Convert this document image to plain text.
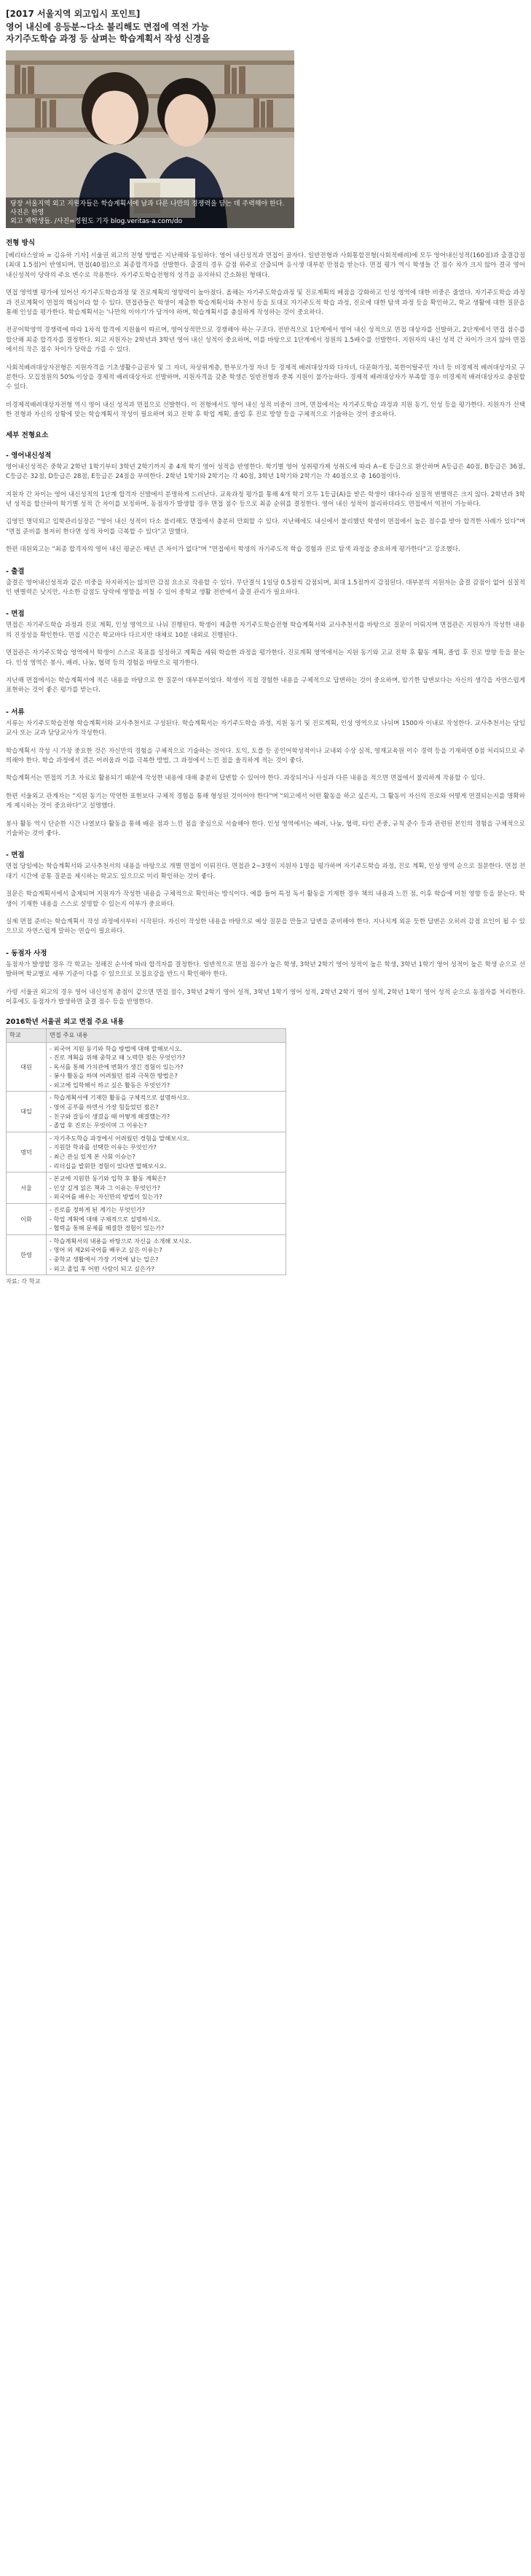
[2017 서울지역 외고입시 포인트]
영어 내신에 응등분~다소 불리해도 면접에 역전 가능
자기주도학습 과정 등 살펴는 학습계획서 작성 신경을
당장 서울지역 외고 지원자들은 학습계획서에 남과 다른 나만의 경쟁력을 담는 데 주력해야 한다. 사진은 한영
외고 재학생들. /사진=정원도 기자 blog.veritas-a.com/do
전형 방식

[베리타스알파 = 김유하 기자] 서울권 외고의 전형 방법은 지난해와 동일하다. 영어 내신성적과 면접이 골자다. 일반전형과 사회통합전형(사회적배려)에 모두 영어내신성적(160점)과 출결감점(최대 1.5점)이 반영되며, 면접(40점)으로 최종합격자를 선발한다. 출결의 경우 감점 위주로 산출되며 응시생 대부분 만점을 받는다. 면접 평가 역시 학생들 간 점수 차가 크지 않아 결국 영어 내신성적이 당락의 주요 변수로 작용한다. 자기주도학습전형의 성격을 유지하되 간소화된 형태다.

면접 영역별 평가에 있어선 자기주도학습과정 및 진로계획의 영향력이 높아졌다. 올해는 자기주도학습과정 및 진로계획의 배점을 강화하고 인성 영역에 대한 비중은 줄였다. 자기주도학습 과정과 진로계획이 면접의 핵심이라 할 수 있다. 면접관들은 학생이 제출한 학습계획서와 추천서 등을 토대로 자기주도적 학습 과정, 진로에 대한 탐색 과정 등을 확인하고, 학교 생활에 대한 질문을 통해 인성을 평가한다. 학습계획서는 '나만의 이야기'가 담겨야 하며, 학습계획서를 충실하게 작성하는 것이 중요하다.

전공어학영역 경쟁력에 따라 1차적 합격에 지원율이 따르며, 영어성적만으로 경쟁해야 하는 구조다. 전반적으로 1단계에서 영어 내신 성적으로 면접 대상자를 선발하고, 2단계에서 면접 점수를 합산해 최종 합격자를 결정한다. 외고 지원자는 2학년과 3학년 영어 내신 성적이 중요하며, 이를 바탕으로 1단계에서 정원의 1.5배수를 선발한다. 지원자의 내신 성적 간 차이가 크지 않아 면접에서의 작은 점수 차이가 당락을 가를 수 있다.

사회적배려대상자전형은 지원자격을 기초생활수급권자 및 그 자녀, 차상위계층, 한부모가정 자녀 등 경제적 배려대상자와 다자녀, 다문화가정, 북한이탈주민 자녀 등 비경제적 배려대상자로 구분한다. 모집정원의 50% 이상을 경제적 배려대상자로 선발하며, 지원자격을 갖춘 학생은 일반전형과 중복 지원이 불가능하다. 경제적 배려대상자가 부족할 경우 비경제적 배려대상자로 충원할 수 있다.

비경제적배려대상자전형 역시 영어 내신 성적과 면접으로 선발한다. 이 전형에서도 영어 내신 성적 비중이 크며, 면접에서는 자기주도학습 과정과 지원 동기, 인성 등을 평가한다. 지원자가 선택한 전형과 자신의 상황에 맞는 학습계획서 작성이 필요하며 외고 진학 후 학업 계획, 졸업 후 진로 방향 등을 구체적으로 기술하는 것이 중요하다.

세부 전형요소
- 영어내신성적

영어내신성적은 중학교 2학년 1학기부터 3학년 2학기까지 총 4개 학기 영어 성적을 반영한다. 학기별 영어 성취평가제 성취도에 따라 A~E 등급으로 환산하며 A등급은 40점, B등급은 36점, C등급은 32점, D등급은 28점, E등급은 24점을 부여한다. 2학년 1학기와 2학기는 각 40점, 3학년 1학기와 2학기는 각 40점으로 총 160점이다.

지원자 간 차이는 영어 내신성적의 1단계 합격자 선발에서 분명하게 드러난다. 교육과정 평가를 통해 4개 학기 모두 1등급(A)을 받은 학생이 대다수라 실질적 변별력은 크지 않다. 2학년과 3학년 성적을 합산하여 학기별 성적 간 차이를 보정하며, 동점자가 발생할 경우 면접 점수 등으로 최종 순위를 결정한다. 영어 내신 성적이 불리하더라도 면접에서 역전이 가능하다.

김영민 명덕외고 입학관리실장은 "영어 내신 성적이 다소 불리해도 면접에서 충분히 만회할 수 있다. 지난해에도 내신에서 불리했던 학생이 면접에서 높은 점수를 받아 합격한 사례가 있다"며 "면접 준비를 철저히 한다면 성적 차이를 극복할 수 있다"고 말했다.

한편 대원외고는 "최종 합격자의 영어 내신 평균은 매년 큰 차이가 없다"며 "면접에서 학생의 자기주도적 학습 경험과 진로 탐색 과정을 중요하게 평가한다"고 강조했다.

- 출결

출결은 영어내신성적과 같은 비중을 차지하지는 않지만 감점 요소로 작용할 수 있다. 무단결석 1일당 0.5점씩 감점되며, 최대 1.5점까지 감점된다. 대부분의 지원자는 출결 감점이 없어 실질적인 변별력은 낮지만, 사소한 감점도 당락에 영향을 미칠 수 있어 중학교 생활 전반에서 출결 관리가 필요하다.

- 면접

면접은 자기주도학습 과정과 진로 계획, 인성 영역으로 나눠 진행된다. 학생이 제출한 자기주도학습전형 학습계획서와 교사추천서를 바탕으로 질문이 이뤄지며 면접관은 지원자가 작성한 내용의 진정성을 확인한다. 면접 시간은 학교마다 다르지만 대체로 10분 내외로 진행된다.

면접관은 자기주도학습 영역에서 학생이 스스로 목표를 설정하고 계획을 세워 학습한 과정을 평가한다. 진로계획 영역에서는 지원 동기와 고교 진학 후 활동 계획, 졸업 후 진로 방향 등을 묻는다. 인성 영역은 봉사, 배려, 나눔, 협력 등의 경험을 바탕으로 평가한다.

지난해 면접에서는 학습계획서에 적은 내용을 바탕으로 한 질문이 대부분이었다. 학생이 직접 경험한 내용을 구체적으로 답변하는 것이 중요하며, 암기한 답변보다는 자신의 생각을 자연스럽게 표현하는 것이 좋은 평가를 받는다.

- 서류

서류는 자기주도학습전형 학습계획서와 교사추천서로 구성된다. 학습계획서는 자기주도학습 과정, 지원 동기 및 진로계획, 인성 영역으로 나뉘며 1500자 이내로 작성한다. 교사추천서는 담임교사 또는 교과 담당교사가 작성한다.

학습계획서 작성 시 가장 중요한 것은 자신만의 경험을 구체적으로 기술하는 것이다. 토익, 토플 등 공인어학성적이나 교내외 수상 실적, 영재교육원 이수 경력 등을 기재하면 0점 처리되므로 주의해야 한다. 학습 과정에서 겪은 어려움과 이를 극복한 방법, 그 과정에서 느낀 점을 솔직하게 적는 것이 좋다.

학습계획서는 면접의 기초 자료로 활용되기 때문에 작성한 내용에 대해 충분히 답변할 수 있어야 한다. 과장되거나 사실과 다른 내용을 적으면 면접에서 불리하게 작용할 수 있다.

한편 서울외고 관계자는 "지원 동기는 막연한 표현보다 구체적 경험을 통해 형성된 것이어야 한다"며 "외고에서 어떤 활동을 하고 싶은지, 그 활동이 자신의 진로와 어떻게 연결되는지를 명확하게 제시하는 것이 중요하다"고 설명했다.

봉사 활동 역시 단순한 시간 나열보다 활동을 통해 배운 점과 느낀 점을 중심으로 서술해야 한다. 인성 영역에서는 배려, 나눔, 협력, 타인 존중, 규칙 준수 등과 관련된 본인의 경험을 구체적으로 기술하는 것이 좋다.

- 면접

면접 당일에는 학습계획서와 교사추천서의 내용을 바탕으로 개별 면접이 이뤄진다. 면접관 2~3명이 지원자 1명을 평가하며 자기주도학습 과정, 진로 계획, 인성 영역 순으로 질문한다. 면접 전 대기 시간에 공통 질문을 제시하는 학교도 있으므로 미리 확인하는 것이 좋다.

질문은 학습계획서에서 출제되며 지원자가 작성한 내용을 구체적으로 확인하는 방식이다. 예를 들어 특정 독서 활동을 기재한 경우 책의 내용과 느낀 점, 이후 학습에 미친 영향 등을 묻는다. 학생이 기재한 내용을 스스로 설명할 수 있는지 여부가 중요하다.

실제 면접 준비는 학습계획서 작성 과정에서부터 시작된다. 자신이 작성한 내용을 바탕으로 예상 질문을 만들고 답변을 준비해야 한다. 지나치게 외운 듯한 답변은 오히려 감점 요인이 될 수 있으므로 자연스럽게 말하는 연습이 필요하다.

- 동점자 사정

동점자가 발생할 경우 각 학교는 정해진 순서에 따라 합격자를 결정한다. 일반적으로 면접 점수가 높은 학생, 3학년 2학기 영어 성적이 높은 학생, 3학년 1학기 영어 성적이 높은 학생 순으로 선발하며 학교별로 세부 기준이 다를 수 있으므로 모집요강을 반드시 확인해야 한다.

가령 서울권 외고의 경우 영어 내신성적 총점이 같으면 면접 점수, 3학년 2학기 영어 성적, 3학년 1학기 영어 성적, 2학년 2학기 영어 성적, 2학년 1학기 영어 성적 순으로 동점자를 처리한다. 이후에도 동점자가 발생하면 출결 점수 등을 반영한다.

2016학년 서울권 외고 면접 주요 내용
학교	면접 주요 내용
대원	- 외국어 지원 동기와 학습 방법에 대해 말해보시오.
- 진로 계획을 위해 중학교 때 노력한 점은 무엇인가?
- 독서를 통해 가치관에 변화가 생긴 경험이 있는가?
- 봉사 활동을 하며 어려웠던 점과 극복한 방법은?
- 외고에 입학해서 하고 싶은 활동은 무엇인가?

대일	- 학습계획서에 기재한 활동을 구체적으로 설명하시오.
- 영어 공부를 하면서 가장 힘들었던 점은?
- 친구와 갈등이 생겼을 때 어떻게 해결했는가?
- 졸업 후 진로는 무엇이며 그 이유는?

명덕	- 자기주도학습 과정에서 어려웠던 경험을 말해보시오.
- 지원한 학과를 선택한 이유는 무엇인가?
- 최근 관심 있게 본 사회 이슈는?
- 리더십을 발휘한 경험이 있다면 말해보시오.

서울	- 본교에 지원한 동기와 입학 후 활동 계획은?
- 인상 깊게 읽은 책과 그 이유는 무엇인가?
- 외국어를 배우는 자신만의 방법이 있는가?

이화	- 진로를 정하게 된 계기는 무엇인가?
- 학업 계획에 대해 구체적으로 설명하시오.
- 협력을 통해 문제를 해결한 경험이 있는가?

한영	- 학습계획서의 내용을 바탕으로 자신을 소개해 보시오.
- 영어 외 제2외국어를 배우고 싶은 이유는?
- 중학교 생활에서 가장 기억에 남는 일은?
- 외고 졸업 후 어떤 사람이 되고 싶은가?
자료: 각 학교
